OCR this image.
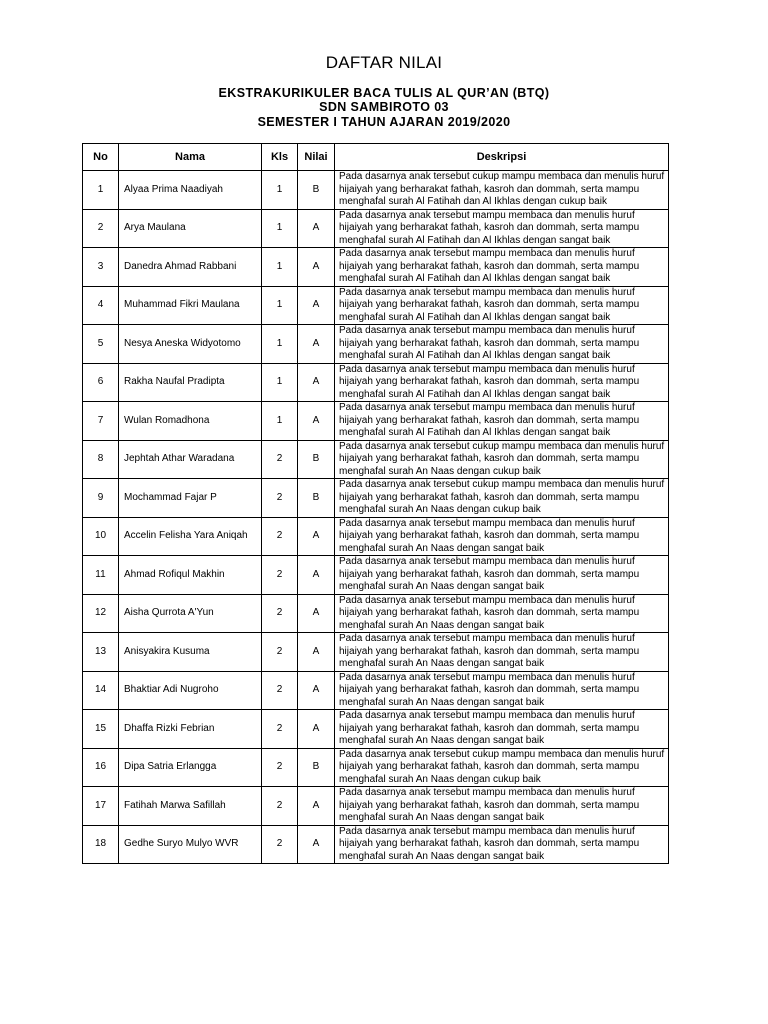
DAFTAR NILAI
EKSTRAKURIKULER BACA TULIS AL QUR’AN (BTQ)
SDN SAMBIROTO 03
SEMESTER I TAHUN AJARAN 2019/2020
No	Nama	Kls	Nilai	Deskripsi
1	Alyaa Prima Naadiyah	1	B	Pada dasarnya anak tersebut cukup mampu membaca dan menulis huruf hijaiyah yang berharakat fathah, kasroh dan dommah, serta mampu menghafal surah Al Fatihah dan Al Ikhlas dengan cukup baik
2	Arya Maulana	1	A	Pada dasarnya anak tersebut mampu membaca dan menulis huruf hijaiyah yang berharakat fathah, kasroh dan dommah, serta mampu menghafal surah Al Fatihah dan Al Ikhlas dengan sangat baik
3	Danedra Ahmad Rabbani	1	A	Pada dasarnya anak tersebut mampu membaca dan menulis huruf hijaiyah yang berharakat fathah, kasroh dan dommah, serta mampu menghafal surah Al Fatihah dan Al Ikhlas dengan sangat baik
4	Muhammad Fikri Maulana	1	A	Pada dasarnya anak tersebut mampu membaca dan menulis huruf hijaiyah yang berharakat fathah, kasroh dan dommah, serta mampu menghafal surah Al Fatihah dan Al Ikhlas dengan sangat baik
5	Nesya Aneska Widyotomo	1	A	Pada dasarnya anak tersebut mampu membaca dan menulis huruf hijaiyah yang berharakat fathah, kasroh dan dommah, serta mampu menghafal surah Al Fatihah dan Al Ikhlas dengan sangat baik
6	Rakha Naufal Pradipta	1	A	Pada dasarnya anak tersebut mampu membaca dan menulis huruf hijaiyah yang berharakat fathah, kasroh dan dommah, serta mampu menghafal surah Al Fatihah dan Al Ikhlas dengan sangat baik
7	Wulan Romadhona	1	A	Pada dasarnya anak tersebut mampu membaca dan menulis huruf hijaiyah yang berharakat fathah, kasroh dan dommah, serta mampu menghafal surah Al Fatihah dan Al Ikhlas dengan sangat baik
8	Jephtah Athar Waradana	2	B	Pada dasarnya anak tersebut cukup mampu membaca dan menulis huruf hijaiyah yang berharakat fathah, kasroh dan dommah, serta mampu menghafal surah An Naas dengan cukup baik
9	Mochammad Fajar P	2	B	Pada dasarnya anak tersebut cukup mampu membaca dan menulis huruf hijaiyah yang berharakat fathah, kasroh dan dommah, serta mampu menghafal surah An Naas dengan cukup baik
10	Accelin Felisha Yara Aniqah	2	A	Pada dasarnya anak tersebut mampu membaca dan menulis huruf hijaiyah yang berharakat fathah, kasroh dan dommah, serta mampu menghafal surah An Naas dengan sangat baik
11	Ahmad Rofiqul Makhin	2	A	Pada dasarnya anak tersebut mampu membaca dan menulis huruf hijaiyah yang berharakat fathah, kasroh dan dommah, serta mampu menghafal surah An Naas dengan sangat baik
12	Aisha Qurrota A'Yun	2	A	Pada dasarnya anak tersebut mampu membaca dan menulis huruf hijaiyah yang berharakat fathah, kasroh dan dommah, serta mampu menghafal surah An Naas dengan sangat baik
13	Anisyakira Kusuma	2	A	Pada dasarnya anak tersebut mampu membaca dan menulis huruf hijaiyah yang berharakat fathah, kasroh dan dommah, serta mampu menghafal surah An Naas dengan sangat baik
14	Bhaktiar Adi Nugroho	2	A	Pada dasarnya anak tersebut mampu membaca dan menulis huruf hijaiyah yang berharakat fathah, kasroh dan dommah, serta mampu menghafal surah An Naas dengan sangat baik
15	Dhaffa Rizki Febrian	2	A	Pada dasarnya anak tersebut mampu membaca dan menulis huruf hijaiyah yang berharakat fathah, kasroh dan dommah, serta mampu menghafal surah An Naas dengan sangat baik
16	Dipa Satria Erlangga	2	B	Pada dasarnya anak tersebut cukup mampu membaca dan menulis huruf hijaiyah yang berharakat fathah, kasroh dan dommah, serta mampu menghafal surah An Naas dengan cukup baik
17	Fatihah Marwa Safillah	2	A	Pada dasarnya anak tersebut mampu membaca dan menulis huruf hijaiyah yang berharakat fathah, kasroh dan dommah, serta mampu menghafal surah An Naas dengan sangat baik
18	Gedhe Suryo Mulyo WVR	2	A	Pada dasarnya anak tersebut mampu membaca dan menulis huruf hijaiyah yang berharakat fathah, kasroh dan dommah, serta mampu menghafal surah An Naas dengan sangat baik
